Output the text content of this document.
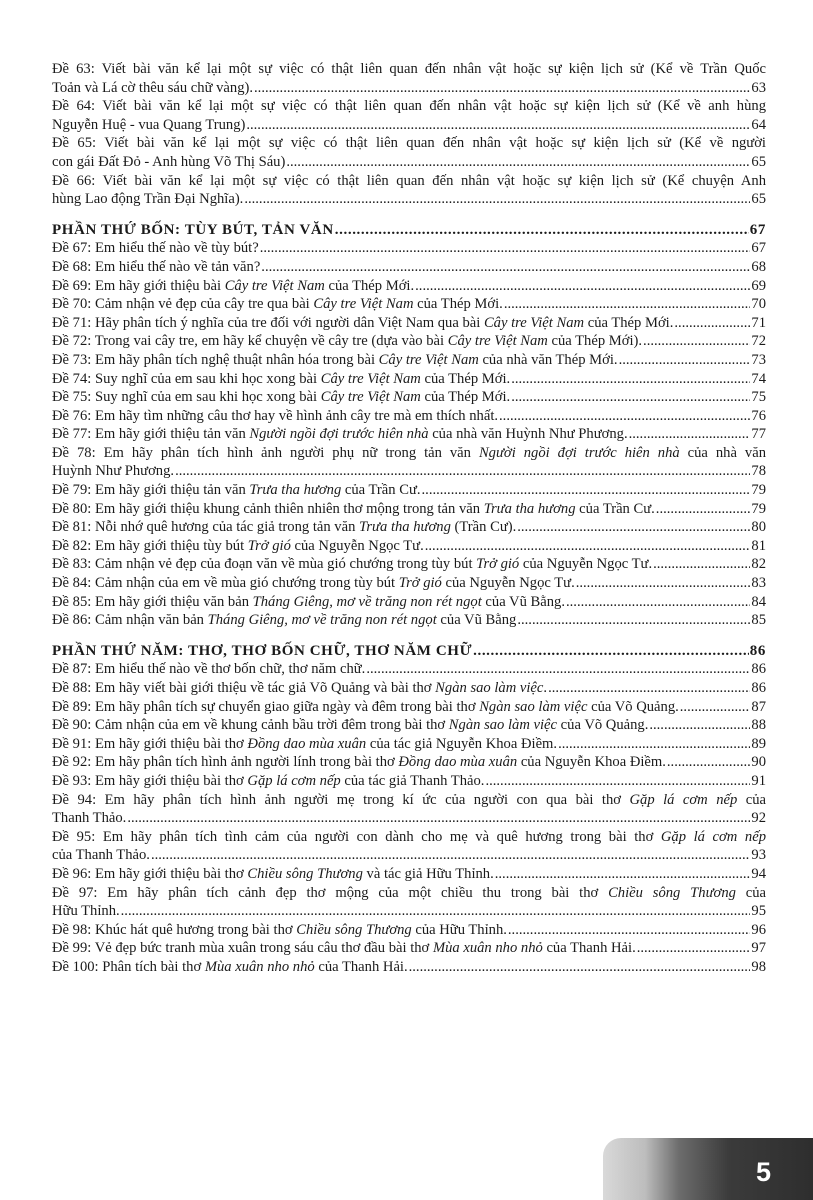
Đề 63: Viết bài văn kể lại một sự việc có thật liên quan đến nhân vật hoặc sự kiện lịch sử (Kể về Trần Quốc
Toản và Lá cờ thêu sáu chữ vàng). .....	63
Đề 64: Viết bài văn kể lại một sự việc có thật liên quan đến nhân vật hoặc sự kiện lịch sử (Kể về anh hùng
Nguyễn Huệ - vua Quang Trung) .....	64
Đề 65: Viết bài văn kể lại một sự việc có thật liên quan đến nhân vật hoặc sự kiện lịch sử (Kể về người
con gái Đất Đỏ - Anh hùng Võ Thị Sáu) .....	65
Đề 66: Viết bài văn kể lại một sự việc có thật liên quan đến nhân vật hoặc sự kiện lịch sử (Kể chuyện Anh
hùng Lao động Trần Đại Nghĩa). .....	65
PHẦN THỨ BỐN: TÙY BÚT, TẢN VĂN .....	67
Đề 67: Em hiểu thế nào về tùy bút? .....	67
Đề 68: Em hiểu thế nào về tản văn? .....	68
Đề 69: Em hãy giới thiệu bài Cây tre Việt Nam của Thép Mới. .....	69
Đề 70: Cảm nhận vẻ đẹp của cây tre qua bài Cây tre Việt Nam của Thép Mới. .....	70
Đề 71: Hãy phân tích ý nghĩa của tre đối với người dân Việt Nam qua bài Cây tre Việt Nam của Thép Mới. .....	71
Đề 72: Trong vai cây tre, em hãy kể chuyện về cây tre (dựa vào bài Cây tre Việt Nam của Thép Mới). .....	72
Đề 73: Em hãy phân tích nghệ thuật nhân hóa trong bài Cây tre Việt Nam của nhà văn Thép Mới. .....	73
Đề 74: Suy nghĩ của em sau khi học xong bài Cây tre Việt Nam của Thép Mới. .....	74
Đề 75: Suy nghĩ của em sau khi học xong bài Cây tre Việt Nam của Thép Mới. .....	75
Đề 76: Em hãy tìm những câu thơ hay về hình ảnh cây tre mà em thích nhất. .....	76
Đề 77: Em hãy giới thiệu tản văn Người ngồi đợi trước hiên nhà của nhà văn Huỳnh Như Phương. .....	77
Đề 78: Em hãy phân tích hình ảnh người phụ nữ trong tản văn Người ngồi đợi trước hiên nhà của nhà văn
Huỳnh Như Phương. .....	78
Đề 79: Em hãy giới thiệu tản văn Trưa tha hương của Trần Cư. .....	79
Đề 80: Em hãy giới thiệu khung cảnh thiên nhiên thơ mộng trong tản văn Trưa tha hương của Trần Cư. .....	79
Đề 81: Nỗi nhớ quê hương của tác giả trong tản văn Trưa tha hương (Trần Cư). .....	80
Đề 82: Em hãy giới thiệu tùy bút Trở gió của Nguyễn Ngọc Tư. .....	81
Đề 83: Cảm nhận vẻ đẹp của đoạn văn về mùa gió chướng trong tùy bút Trở gió của Nguyễn Ngọc Tư. .....	82
Đề 84: Cảm nhận của em về mùa gió chướng trong tùy bút Trở gió của Nguyễn Ngọc Tư. .....	83
Đề 85: Em hãy giới thiệu văn bản Tháng Giêng, mơ về trăng non rét ngọt của Vũ Bằng. .....	84
Đề 86: Cảm nhận văn bản Tháng Giêng, mơ về trăng non rét ngọt của Vũ Bằng .....	85
PHẦN THỨ NĂM: THƠ, THƠ BỐN CHỮ, THƠ NĂM CHỮ .....	86
Đề 87: Em hiểu thế nào về thơ bốn chữ, thơ năm chữ. .....	86
Đề 88: Em hãy viết bài giới thiệu về tác giả Võ Quảng và bài thơ Ngàn sao làm việc. .....	86
Đề 89: Em hãy phân tích sự chuyển giao giữa ngày và đêm trong bài thơ Ngàn sao làm việc của Võ Quảng. .....	87
Đề 90: Cảm nhận của em về khung cảnh bầu trời đêm trong bài thơ Ngàn sao làm việc của Võ Quảng. .....	88
Đề 91: Em hãy giới thiệu bài thơ Đồng dao mùa xuân của tác giả Nguyễn Khoa Điềm. .....	89
Đề 92: Em hãy phân tích hình ảnh người lính trong bài thơ Đồng dao mùa xuân của Nguyễn Khoa Điềm. .....	90
Đề 93: Em hãy giới thiệu bài thơ Gặp lá cơm nếp của tác giả Thanh Thảo. .....	91
Đề 94: Em hãy phân tích hình ảnh người mẹ trong kí ức của người con qua bài thơ Gặp lá cơm nếp của
Thanh Thảo. .....	92
Đề 95: Em hãy phân tích tình cảm của người con dành cho mẹ và quê hương trong bài thơ Gặp lá cơm nếp
của Thanh Thảo. .....	93
Đề 96: Em hãy giới thiệu bài thơ Chiều sông Thương và tác giả Hữu Thỉnh. .....	94
Đề 97: Em hãy phân tích cảnh đẹp thơ mộng của một chiều thu trong bài thơ Chiều sông Thương của
Hữu Thỉnh. .....	95
Đề 98: Khúc hát quê hương trong bài thơ Chiều sông Thương của Hữu Thỉnh. .....	96
Đề 99: Vẻ đẹp bức tranh mùa xuân trong sáu câu thơ đầu bài thơ Mùa xuân nho nhỏ của Thanh Hải. .....	97
Đề 100: Phân tích bài thơ Mùa xuân nho nhỏ của Thanh Hải. .....	98
5
